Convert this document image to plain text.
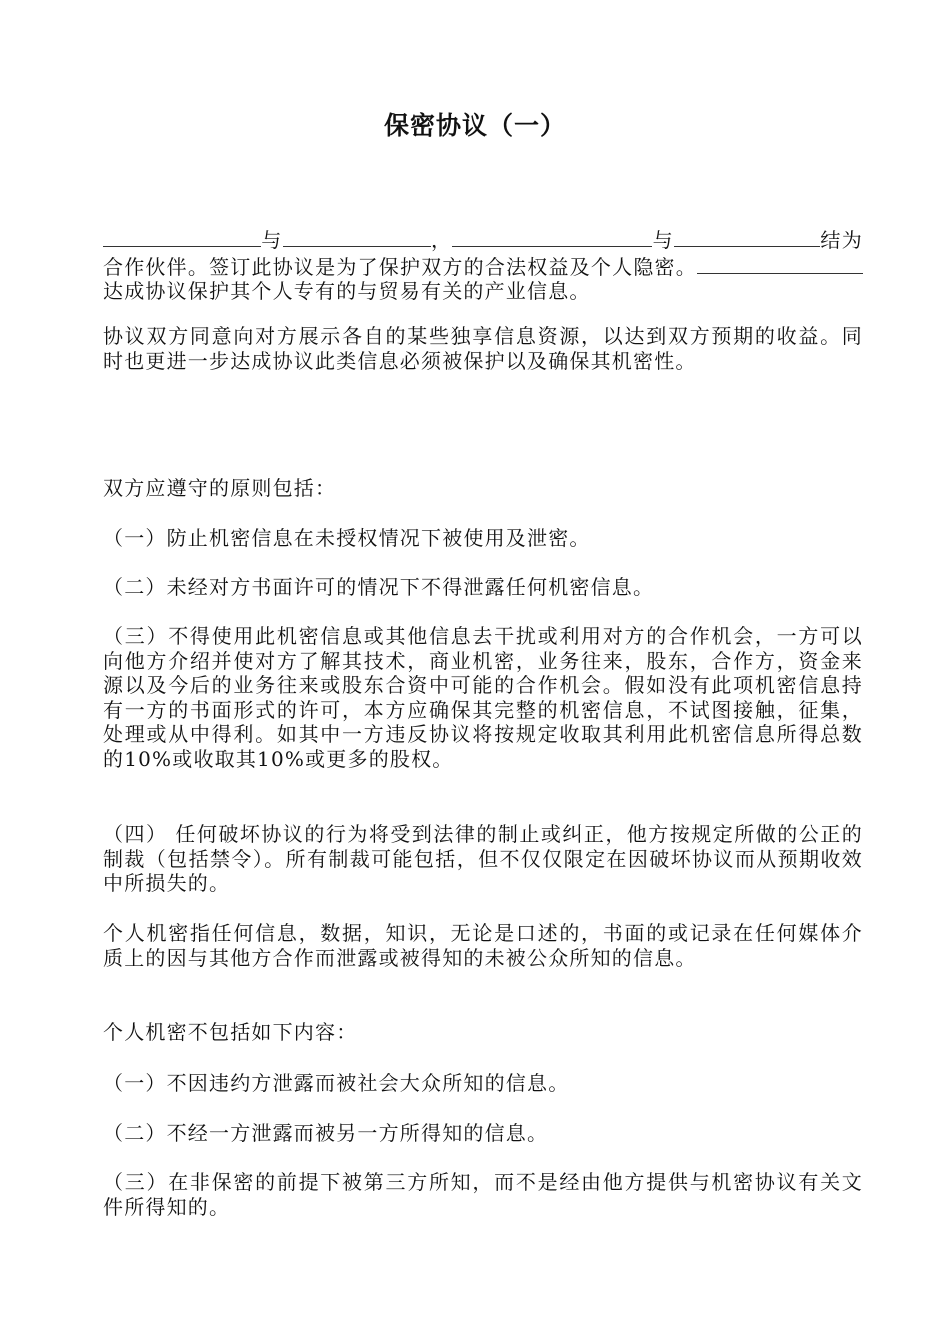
保密协议（一）
与	，	与	结为合作伙伴。签订此协议是为了保护双方的合法权益及个人隐密。达成协议保护其个人专有的与贸易有关的产业信息。
协议双方同意向对方展示各自的某些独享信息资源，以达到双方预期的收益。同时也更进一步达成协议此类信息必须被保护以及确保其机密性。
双方应遵守的原则包括：
（一）防止机密信息在未授权情况下被使用及泄密。
（二）未经对方书面许可的情况下不得泄露任何机密信息。
（三）不得使用此机密信息或其他信息去干扰或利用对方的合作机会，一方可以向他方介绍并使对方了解其技术，商业机密，业务往来，股东，合作方，资金来源以及今后的业务往来或股东合资中可能的合作机会。假如没有此项机密信息持有一方的书面形式的许可，本方应确保其完整的机密信息，不试图接触，征集，处理或从中得利。如其中一方违反协议将按规定收取其利用此机密信息所得总数的10%或收取其10%或更多的股权。
（四） 任何破坏协议的行为将受到法律的制止或纠正，他方按规定所做的公正的制裁（包括禁令）。所有制裁可能包括，但不仅仅限定在因破坏协议而从预期收效中所损失的。
个人机密指任何信息，数据，知识，无论是口述的，书面的或记录在任何媒体介质上的因与其他方合作而泄露或被得知的未被公众所知的信息。
个人机密不包括如下内容：
（一）不因违约方泄露而被社会大众所知的信息。
（二）不经一方泄露而被另一方所得知的信息。
（三）在非保密的前提下被第三方所知，而不是经由他方提供与机密协议有关文件所得知的。
